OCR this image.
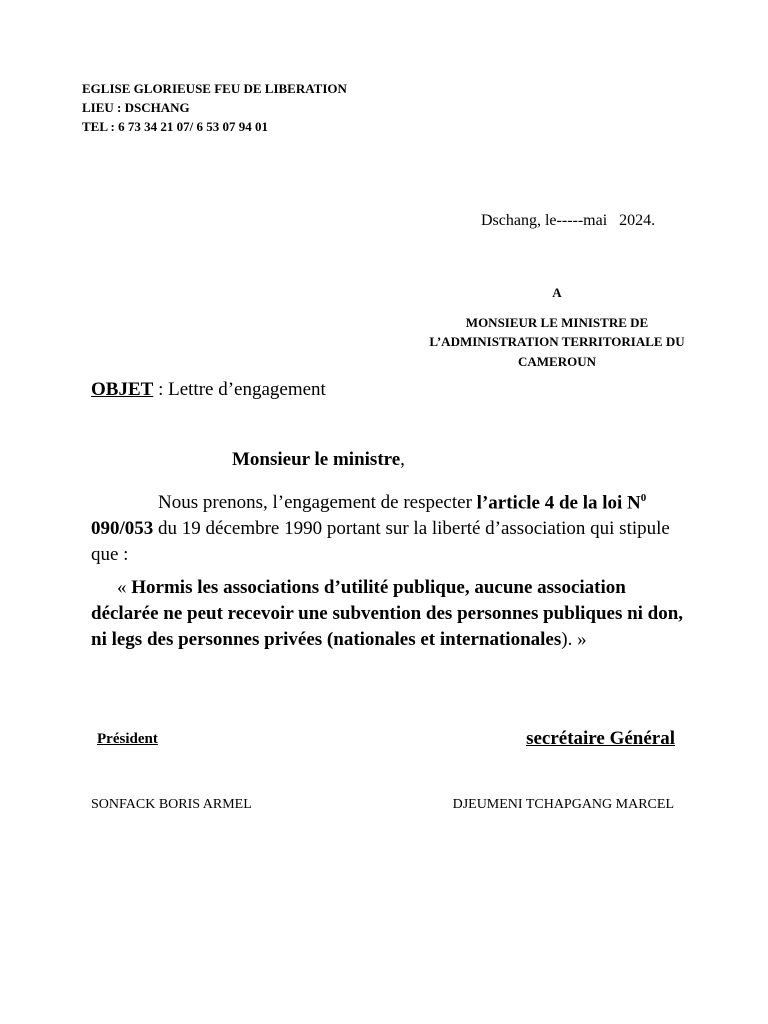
EGLISE GLORIEUSE FEU DE LIBERATION
LIEU : DSCHANG
TEL : 6 73 34 21 07/ 6 53 07 94 01
Dschang, le-----mai   2024.
A
MONSIEUR LE MINISTRE DE
L’ADMINISTRATION TERRITORIALE DU
CAMEROUN
OBJET : Lettre d’engagement
Monsieur le ministre,
Nous prenons, l’engagement de respecter l’article 4 de la loi $N^0$ 090/053 du 19 décembre 1990 portant sur la liberté d’association qui stipule que :
« Hormis les associations d’utilité publique, aucune association déclarée ne peut recevoir une subvention des personnes publiques ni don, ni legs des personnes privées (nationales et internationales). »
Président	secrétaire Général
SONFACK BORIS ARMEL	DJEUMENI TCHAPGANG MARCEL
